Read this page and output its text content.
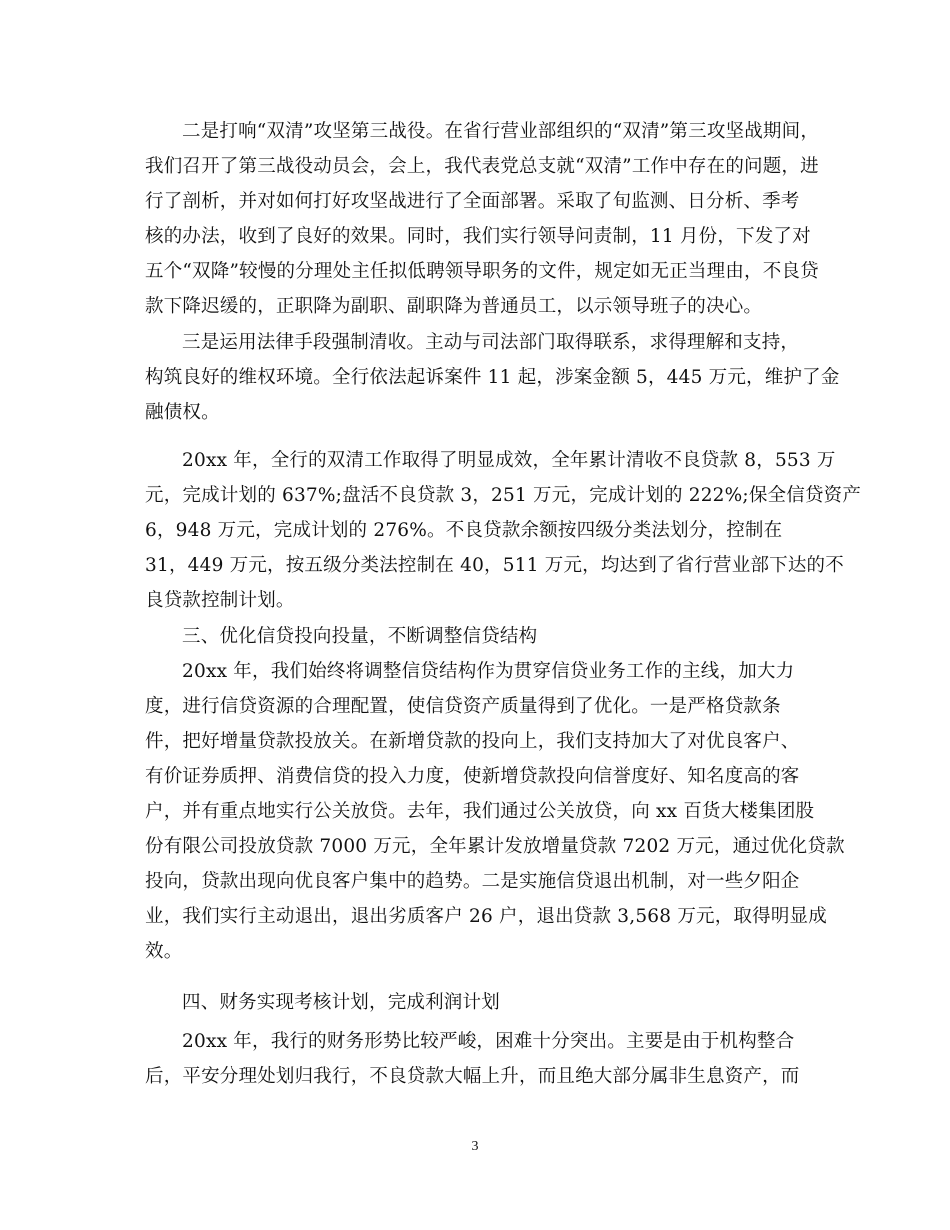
二是打响“双清”攻坚第三战役。在省行营业部组织的“双清”第三攻坚战期间，
我们召开了第三战役动员会，会上，我代表党总支就“双清”工作中存在的问题，进
行了剖析，并对如何打好攻坚战进行了全面部署。采取了旬监测、日分析、季考
核的办法，收到了良好的效果。同时，我们实行领导问责制，11 月份，下发了对
五个“双降”较慢的分理处主任拟低聘领导职务的文件，规定如无正当理由，不良贷
款下降迟缓的，正职降为副职、副职降为普通员工，以示领导班子的决心。
三是运用法律手段强制清收。主动与司法部门取得联系，求得理解和支持，
构筑良好的维权环境。全行依法起诉案件 11 起，涉案金额 5，445 万元，维护了金
融债权。
20xx 年，全行的双清工作取得了明显成效，全年累计清收不良贷款 8，553 万
元，完成计划的 637%;盘活不良贷款 3，251 万元，完成计划的 222%;保全信贷资产
6，948 万元，完成计划的 276%。不良贷款余额按四级分类法划分，控制在
31，449 万元，按五级分类法控制在 40，511 万元，均达到了省行营业部下达的不
良贷款控制计划。
三、优化信贷投向投量，不断调整信贷结构
20xx 年，我们始终将调整信贷结构作为贯穿信贷业务工作的主线，加大力
度，进行信贷资源的合理配置，使信贷资产质量得到了优化。一是严格贷款条
件，把好增量贷款投放关。在新增贷款的投向上，我们支持加大了对优良客户、
有价证券质押、消费信贷的投入力度，使新增贷款投向信誉度好、知名度高的客
户，并有重点地实行公关放贷。去年，我们通过公关放贷，向 xx 百货大楼集团股
份有限公司投放贷款 7000 万元，全年累计发放增量贷款 7202 万元，通过优化贷款
投向，贷款出现向优良客户集中的趋势。二是实施信贷退出机制，对一些夕阳企
业，我们实行主动退出，退出劣质客户 26 户，退出贷款 3,568 万元，取得明显成
效。
四、财务实现考核计划，完成利润计划
20xx 年，我行的财务形势比较严峻，困难十分突出。主要是由于机构整合
后，平安分理处划归我行，不良贷款大幅上升，而且绝大部分属非生息资产，而
3
